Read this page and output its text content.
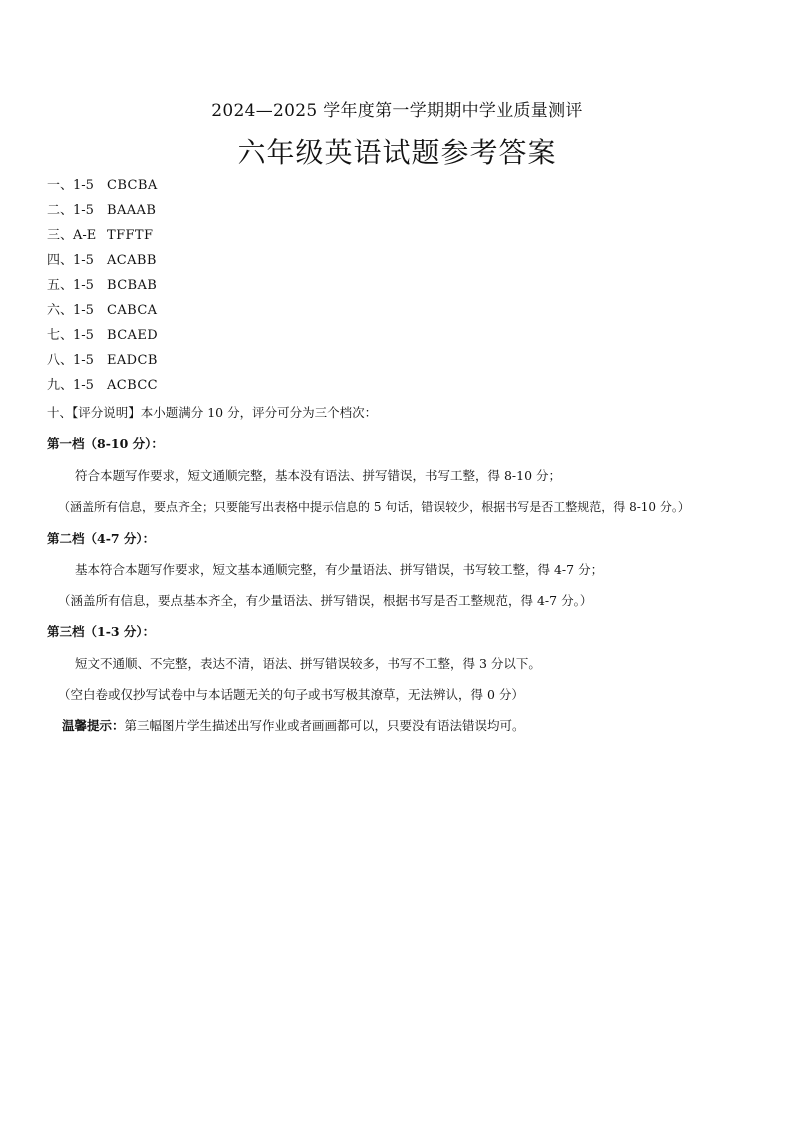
2024—2025 学年度第一学期期中学业质量测评
六年级英语试题参考答案
一、1-5 CBCBA
二、1-5 BAAAB
三、A-E TFFTF
四、1-5 ACABB
五、1-5 BCBAB
六、1-5 CABCA
七、1-5 BCAED
八、1-5 EADCB
九、1-5 ACBCC
十、【评分说明】本小题满分 10 分，评分可分为三个档次：
第一档（8-10 分）：
符合本题写作要求，短文通顺完整，基本没有语法、拼写错误，书写工整，得 8-10 分；
（涵盖所有信息，要点齐全；只要能写出表格中提示信息的 5 句话，错误较少，根据书写是否工整规范，得 8-10 分。）
第二档（4-7 分）：
基本符合本题写作要求，短文基本通顺完整，有少量语法、拼写错误，书写较工整，得 4-7 分；
（涵盖所有信息，要点基本齐全，有少量语法、拼写错误，根据书写是否工整规范，得 4-7 分。）
第三档（1-3 分）：
短文不通顺、不完整，表达不清，语法、拼写错误较多，书写不工整，得 3 分以下。
（空白卷或仅抄写试卷中与本话题无关的句子或书写极其潦草，无法辨认，得 0 分）
温馨提示：第三幅图片学生描述出写作业或者画画都可以，只要没有语法错误均可。
